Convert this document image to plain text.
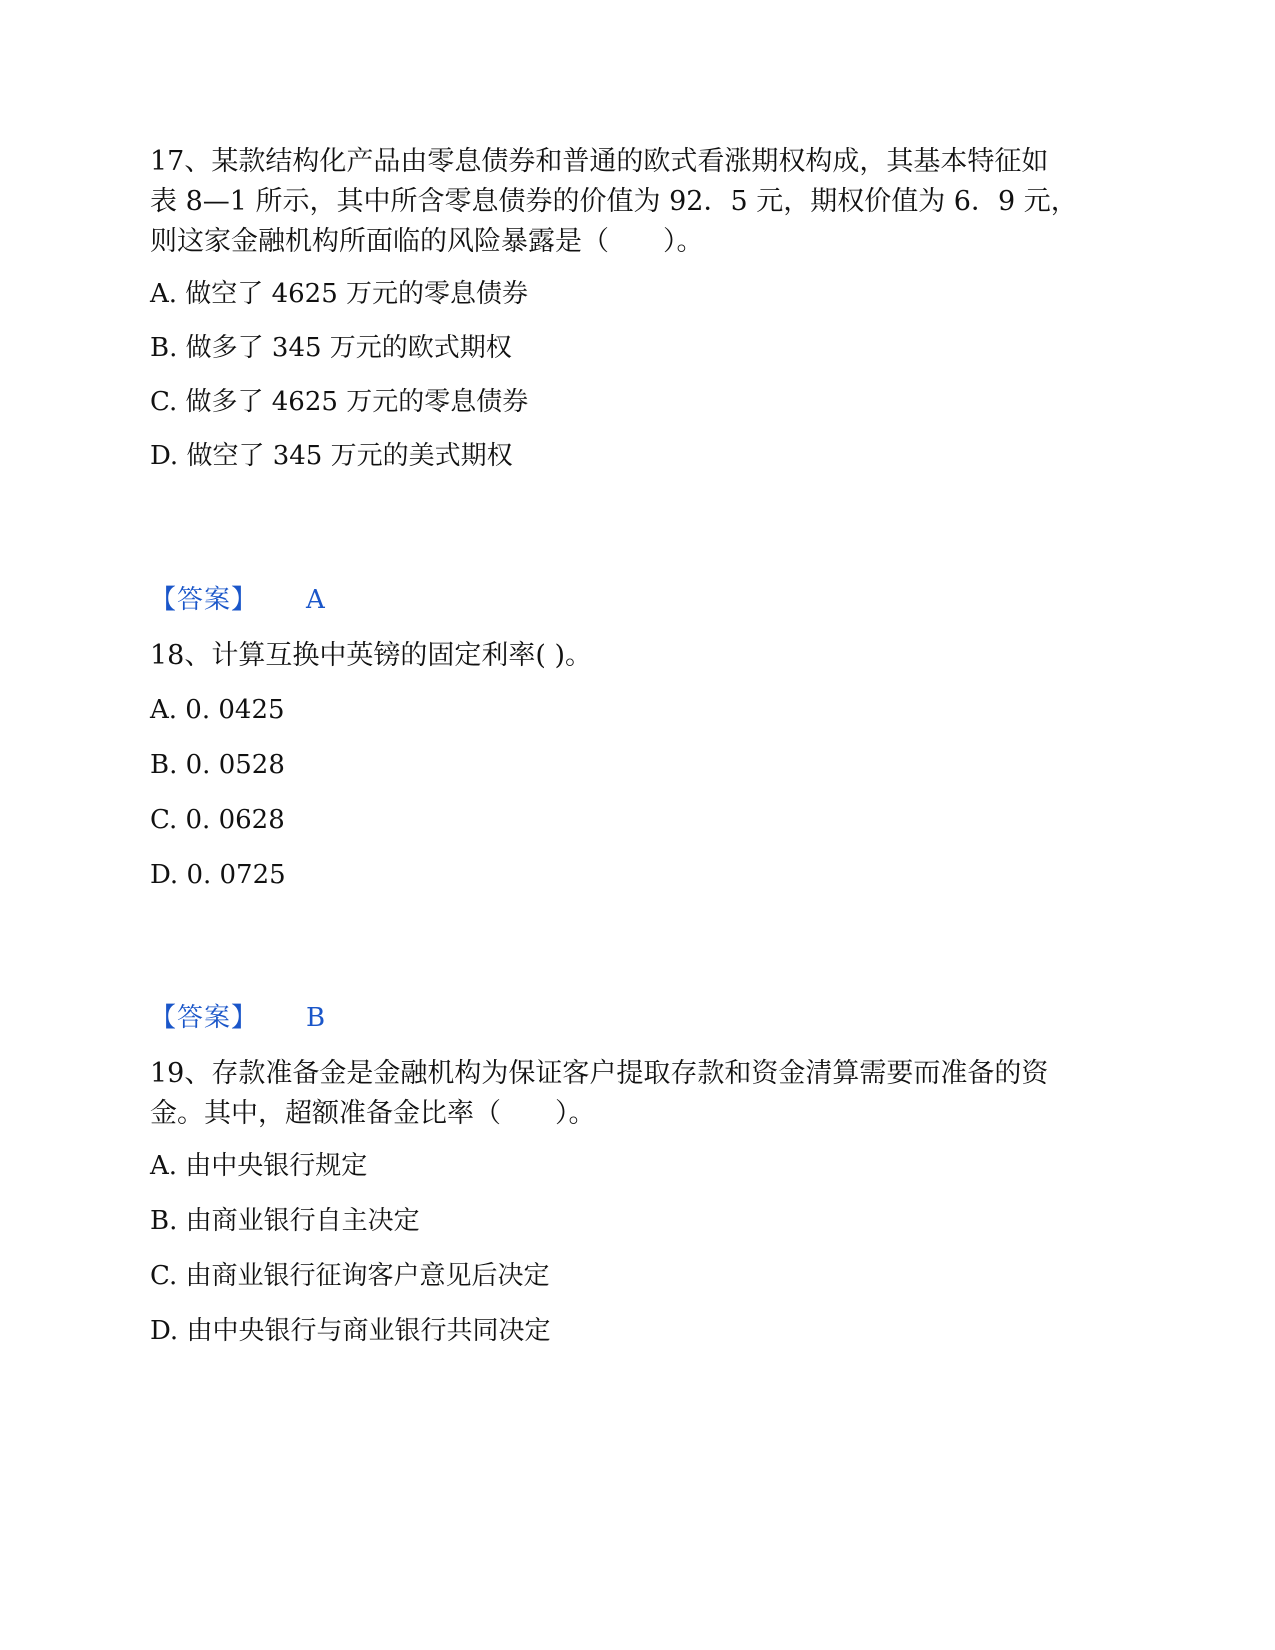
17、某款结构化产品由零息债券和普通的欧式看涨期权构成，其基本特征如
表 8—1 所示，其中所含零息债券的价值为 92．5 元，期权价值为 6．9 元，
则这家金融机构所面临的风险暴露是（　　）。
A. 做空了 4625 万元的零息债券
B. 做多了 345 万元的欧式期权
C. 做多了 4625 万元的零息债券
D. 做空了 345 万元的美式期权
【答案】 A
18、计算互换中英镑的固定利率( )。
A. 0. 0425
B. 0. 0528
C. 0. 0628
D. 0. 0725
【答案】 B
19、存款准备金是金融机构为保证客户提取存款和资金清算需要而准备的资
金。其中，超额准备金比率（　　）。
A. 由中央银行规定
B. 由商业银行自主决定
C. 由商业银行征询客户意见后决定
D. 由中央银行与商业银行共同决定
